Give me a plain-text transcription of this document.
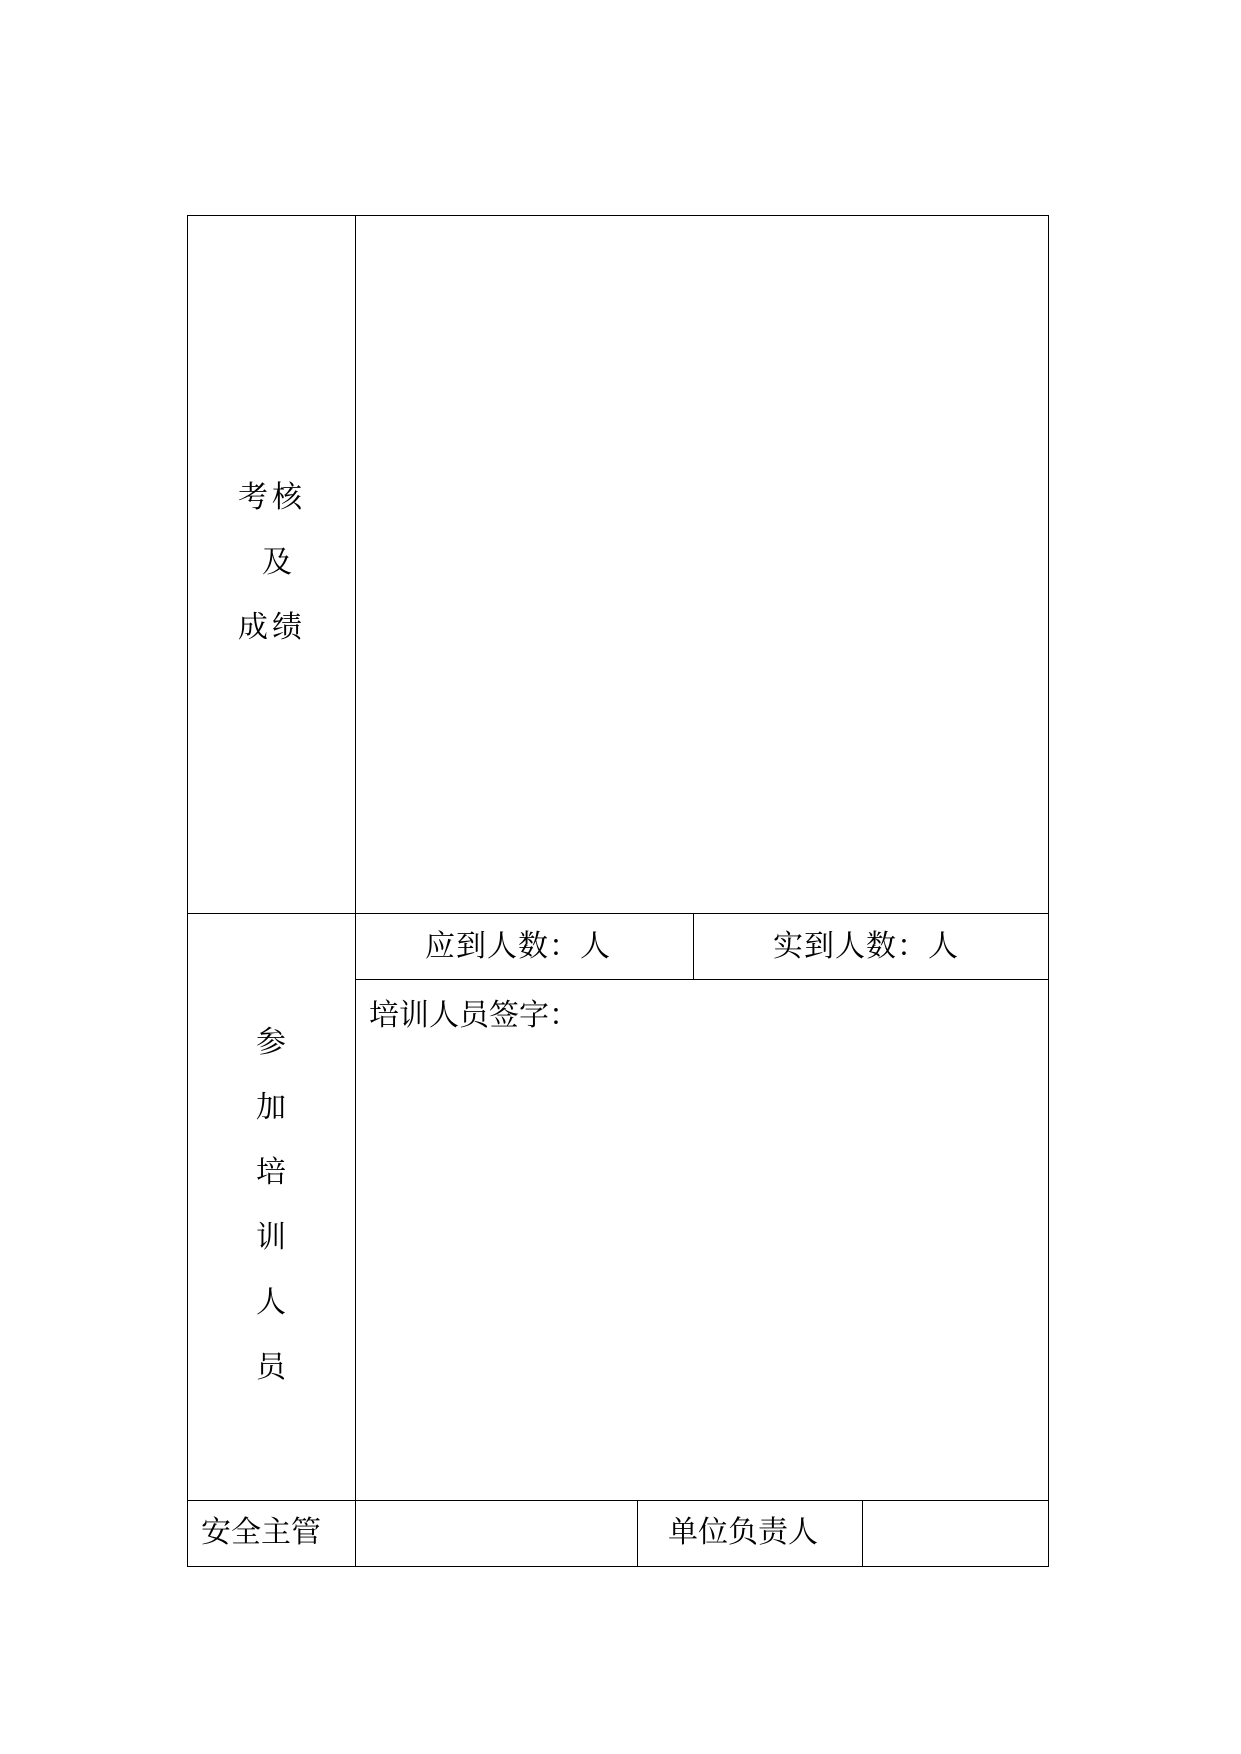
考核
及
成绩
参
加
培
训
人
员
应到人数：人	实到人数：人
培训人员签字：
安全主管	单位负责人
